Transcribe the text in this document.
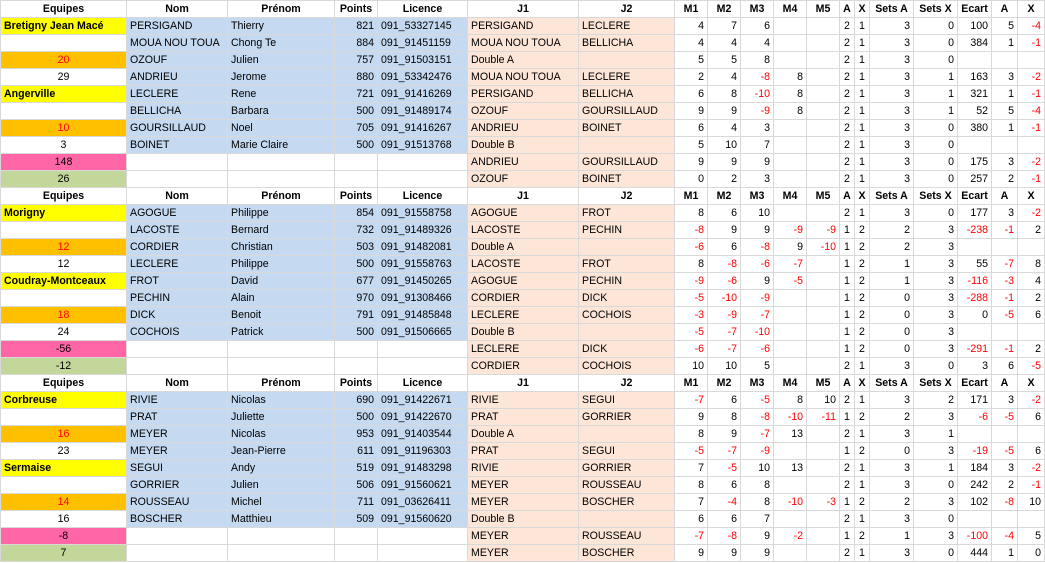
Equipes	Nom	Prénom	Points	Licence	J1	J2	M1	M2	M3	M4	M5	A	X	Sets A	Sets X	Ecart	A	X
Bretigny Jean Macé	PERSIGAND	Thierry	821	091_53327145	PERSIGAND	LECLERE	4	7	6			2	1	3	0	100	5	-4
	MOUA NOU TOUA	Chong Te	884	091_91451159	MOUA NOU TOUA	BELLICHA	4	4	4			2	1	3	0	384	1	-1
20	OZOUF	Julien	757	091_91503151	Double A		5	5	8			2	1	3	0			
29	ANDRIEU	Jerome	880	091_53342476	MOUA NOU TOUA	LECLERE	2	4	-8	8		2	1	3	1	163	3	-2
Angerville	LECLERE	Rene	721	091_91416269	PERSIGAND	BELLICHA	6	8	-10	8		2	1	3	1	321	1	-1
	BELLICHA	Barbara	500	091_91489174	OZOUF	GOURSILLAUD	9	9	-9	8		2	1	3	1	52	5	-4
10	GOURSILLAUD	Noel	705	091_91416267	ANDRIEU	BOINET	6	4	3			2	1	3	0	380	1	-1
3	BOINET	Marie Claire	500	091_91513768	Double B		5	10	7			2	1	3	0			
148					ANDRIEU	GOURSILLAUD	9	9	9			2	1	3	0	175	3	-2
26					OZOUF	BOINET	0	2	3			2	1	3	0	257	2	-1
Equipes	Nom	Prénom	Points	Licence	J1	J2	M1	M2	M3	M4	M5	A	X	Sets A	Sets X	Ecart	A	X
Morigny	AGOGUE	Philippe	854	091_91558758	AGOGUE	FROT	8	6	10			2	1	3	0	177	3	-2
	LACOSTE	Bernard	732	091_91489326	LACOSTE	PECHIN	-8	9	9	-9	-9	1	2	2	3	-238	-1	2
12	CORDIER	Christian	503	091_91482081	Double A		-6	6	-8	9	-10	1	2	2	3			
12	LECLERE	Philippe	500	091_91558763	LACOSTE	FROT	8	-8	-6	-7		1	2	1	3	55	-7	8
Coudray-Montceaux	FROT	David	677	091_91450265	AGOGUE	PECHIN	-9	-6	9	-5		1	2	1	3	-116	-3	4
	PECHIN	Alain	970	091_91308466	CORDIER	DICK	-5	-10	-9			1	2	0	3	-288	-1	2
18	DICK	Benoit	791	091_91485848	LECLERE	COCHOIS	-3	-9	-7			1	2	0	3	0	-5	6
24	COCHOIS	Patrick	500	091_91506665	Double B		-5	-7	-10			1	2	0	3			
-56					LECLERE	DICK	-6	-7	-6			1	2	0	3	-291	-1	2
-12					CORDIER	COCHOIS	10	10	5			2	1	3	0	3	6	-5
Equipes	Nom	Prénom	Points	Licence	J1	J2	M1	M2	M3	M4	M5	A	X	Sets A	Sets X	Ecart	A	X
Corbreuse	RIVIE	Nicolas	690	091_91422671	RIVIE	SEGUI	-7	6	-5	8	10	2	1	3	2	171	3	-2
	PRAT	Juliette	500	091_91422670	PRAT	GORRIER	9	8	-8	-10	-11	1	2	2	3	-6	-5	6
16	MEYER	Nicolas	953	091_91403544	Double A		8	9	-7	13		2	1	3	1			
23	MEYER	Jean-Pierre	611	091_91196303	PRAT	SEGUI	-5	-7	-9			1	2	0	3	-19	-5	6
Sermaise	SEGUI	Andy	519	091_91483298	RIVIE	GORRIER	7	-5	10	13		2	1	3	1	184	3	-2
	GORRIER	Julien	506	091_91560621	MEYER	ROUSSEAU	8	6	8			2	1	3	0	242	2	-1
14	ROUSSEAU	Michel	711	091_03626411	MEYER	BOSCHER	7	-4	8	-10	-3	1	2	2	3	102	-8	10
16	BOSCHER	Matthieu	509	091_91560620	Double B		6	6	7			2	1	3	0			
-8					MEYER	ROUSSEAU	-7	-8	9	-2		1	2	1	3	-100	-4	5
7					MEYER	BOSCHER	9	9	9			2	1	3	0	444	1	0
